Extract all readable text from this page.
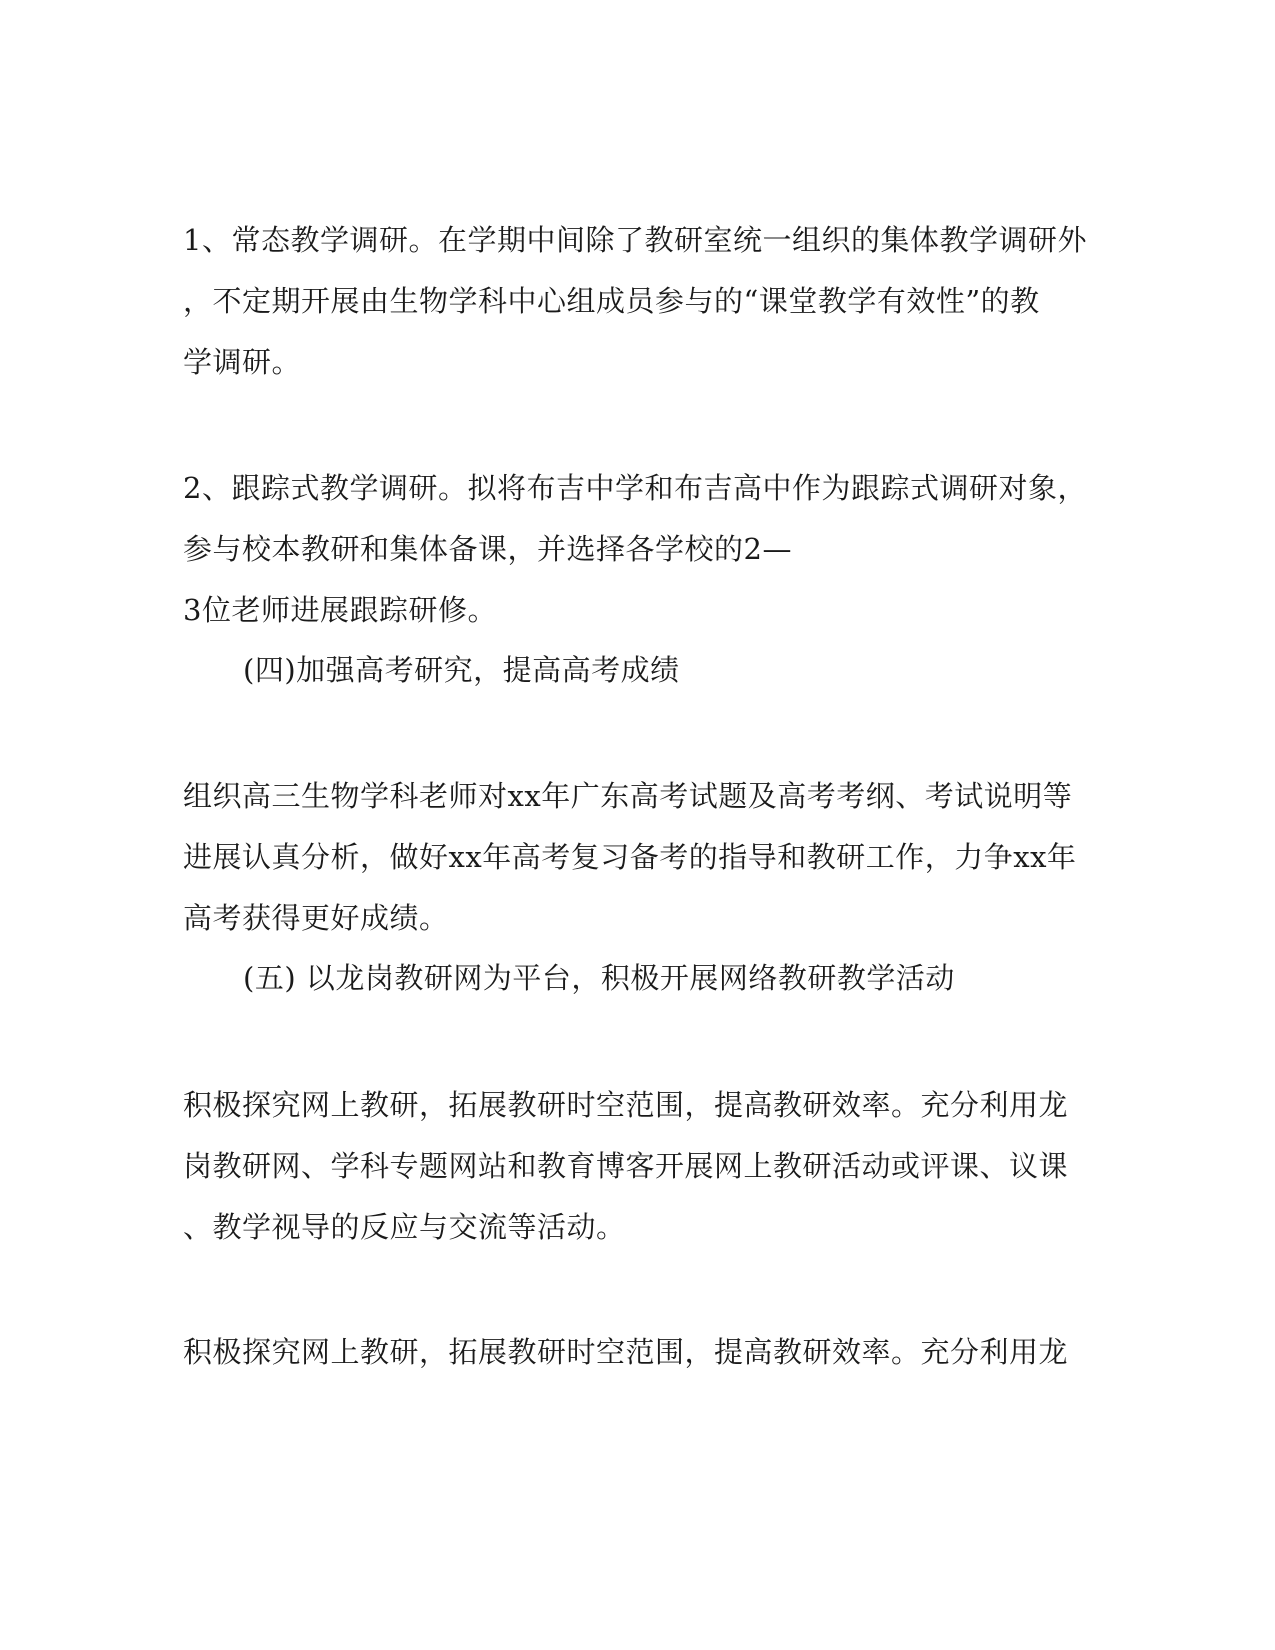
1、常态教学调研。在学期中间除了教研室统一组织的集体教学调研外

，不定期开展由生物学科中心组成员参与的“课堂教学有效性”的教

学调研。

2、跟踪式教学调研。拟将布吉中学和布吉高中作为跟踪式调研对象，

参与校本教研和集体备课，并选择各学校的2—

3位老师进展跟踪研修。

(四)加强高考研究，提高高考成绩

组织高三生物学科老师对xx年广东高考试题及高考考纲、考试说明等

进展认真分析，做好xx年高考复习备考的指导和教研工作，力争xx年

高考获得更好成绩。

(五) 以龙岗教研网为平台，积极开展网络教研教学活动

积极探究网上教研，拓展教研时空范围，提高教研效率。充分利用龙

岗教研网、学科专题网站和教育博客开展网上教研活动或评课、议课

、教学视导的反应与交流等活动。

积极探究网上教研，拓展教研时空范围，提高教研效率。充分利用龙
